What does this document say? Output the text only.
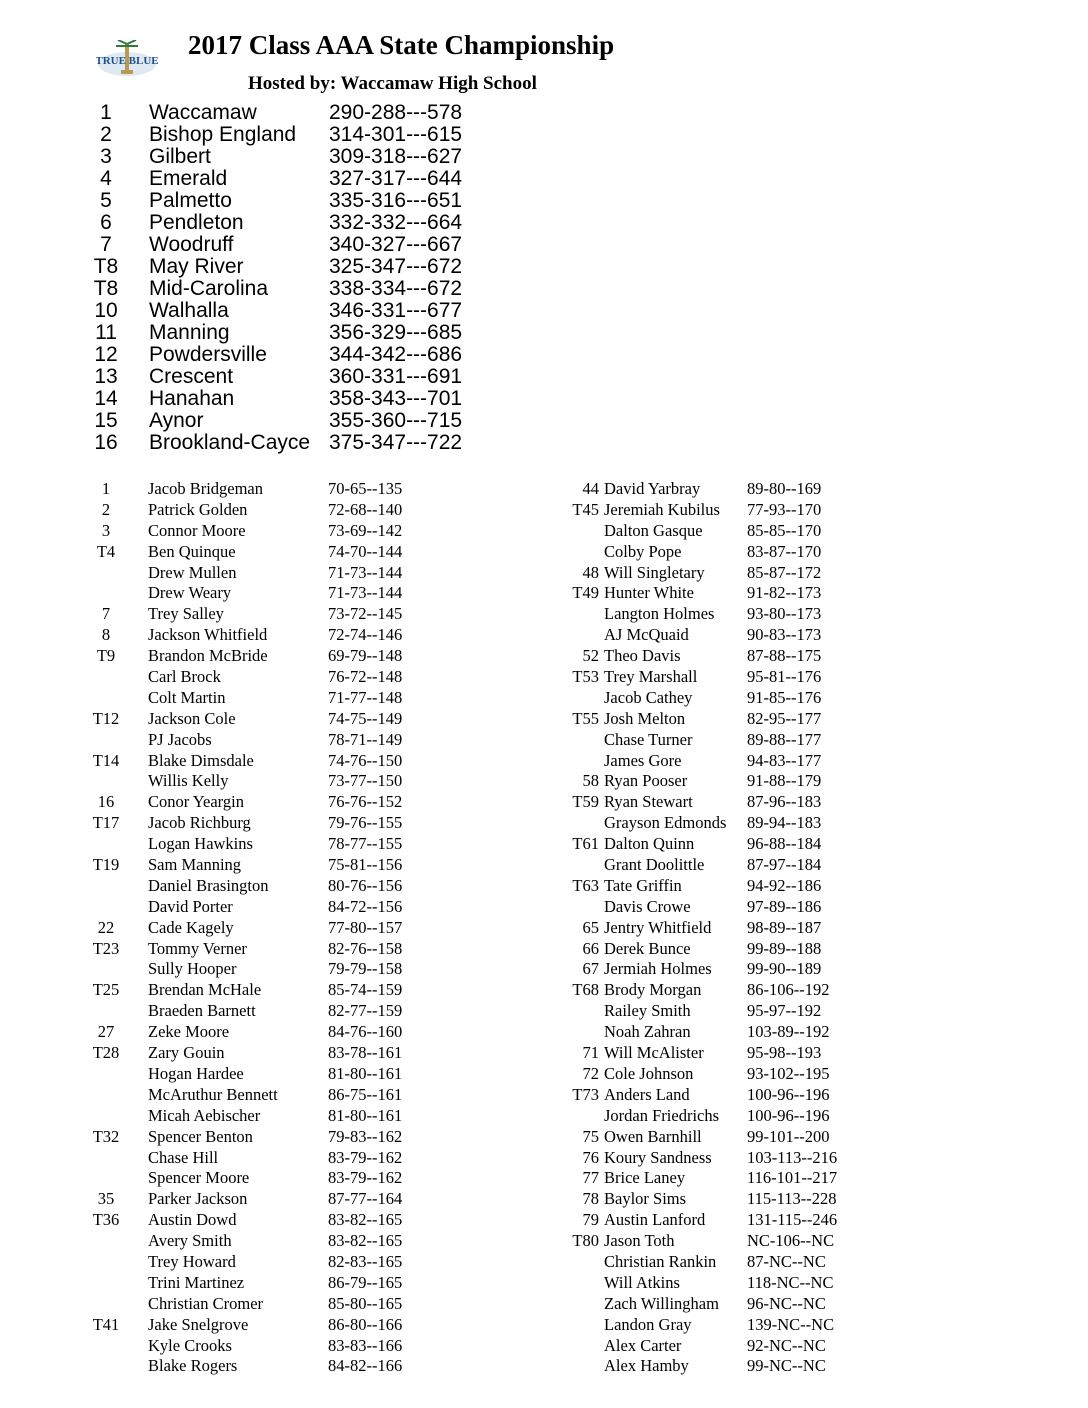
TRUE BLUE
2017 Class AAA State Championship
Hosted by: Waccamaw High School
1	Waccamaw	290-288---578
2	Bishop England 314-301---615
3	Gilbert	309-318---627
4	Emerald	327-317---644
5	Palmetto	335-316---651
6	Pendleton	332-332---664
7	Woodruff	340-327---667
T8	May River	325-347---672
T8	Mid-Carolina	338-334---672
10	Walhalla	346-331---677
11	Manning	356-329---685
12	Powdersville	344-342---686
13	Crescent	360-331---691
14	Hanahan	358-343---701
15	Aynor	355-360---715
16	Brookland-Cayce 375-347---722
1	Jacob Bridgeman	70-65--135
2	Patrick Golden	72-68--140
3	Connor Moore	73-69--142
T4	Ben Quinque	74-70--144
Drew Mullen	71-73--144
Drew Weary	71-73--144
7	Trey Salley	73-72--145
8	Jackson Whitfield	72-74--146
T9	Brandon McBride	69-79--148
Carl Brock	76-72--148
Colt Martin	71-77--148
T12	Jackson Cole	74-75--149
PJ Jacobs	78-71--149
T14	Blake Dimsdale	74-76--150
Willis Kelly	73-77--150
16	Conor Yeargin	76-76--152
T17	Jacob Richburg	79-76--155
Logan Hawkins	78-77--155
T19	Sam Manning	75-81--156
Daniel Brasington	80-76--156
David Porter	84-72--156
22	Cade Kagely	77-80--157
T23	Tommy Verner	82-76--158
Sully Hooper	79-79--158
T25	Brendan McHale	85-74--159
Braeden Barnett	82-77--159
27	Zeke Moore	84-76--160
T28	Zary Gouin	83-78--161
Hogan Hardee	81-80--161
McAruthur Bennett	86-75--161
Micah Aebischer	81-80--161
T32	Spencer Benton	79-83--162
Chase Hill	83-79--162
Spencer Moore	83-79--162
35	Parker Jackson	87-77--164
T36	Austin Dowd	83-82--165
Avery Smith	83-82--165
Trey Howard	82-83--165
Trini Martinez	86-79--165
Christian Cromer	85-80--165
T41	Jake Snelgrove	86-80--166
Kyle Crooks	83-83--166
Blake Rogers	84-82--166
44 David Yarbray	89-80--169
T45 Jeremiah Kubilus 77-93--170
Dalton Gasque	85-85--170
Colby Pope	83-87--170
48 Will Singletary	85-87--172
T49 Hunter White	91-82--173
Langton Holmes 93-80--173
AJ McQuaid	90-83--173
52 Theo Davis	87-88--175
T53 Trey Marshall	95-81--176
Jacob Cathey	91-85--176
T55 Josh Melton	82-95--177
Chase Turner	89-88--177
James Gore	94-83--177
58 Ryan Pooser	91-88--179
T59 Ryan Stewart	87-96--183
Grayson Edmonds 89-94--183
T61 Dalton Quinn	96-88--184
Grant Doolittle	87-97--184
T63 Tate Griffin	94-92--186
Davis Crowe	97-89--186
65 Jentry Whitfield 98-89--187
66 Derek Bunce	99-89--188
67 Jermiah Holmes 99-90--189
T68 Brody Morgan	86-106--192
Railey Smith	95-97--192
Noah Zahran	103-89--192
71 Will McAlister	95-98--193
72 Cole Johnson	93-102--195
T73 Anders Land	100-96--196
Jordan Friedrichs 100-96--196
75 Owen Barnhill	99-101--200
76 Koury Sandness 103-113--216
77 Brice Laney	116-101--217
78 Baylor Sims	115-113--228
79 Austin Lanford	131-115--246
T80 Jason Toth	NC-106--NC
Christian Rankin 87-NC--NC
Will Atkins	118-NC--NC
Zach Willingham 96-NC--NC
Landon Gray	139-NC--NC
Alex Carter	92-NC--NC
Alex Hamby	99-NC--NC
